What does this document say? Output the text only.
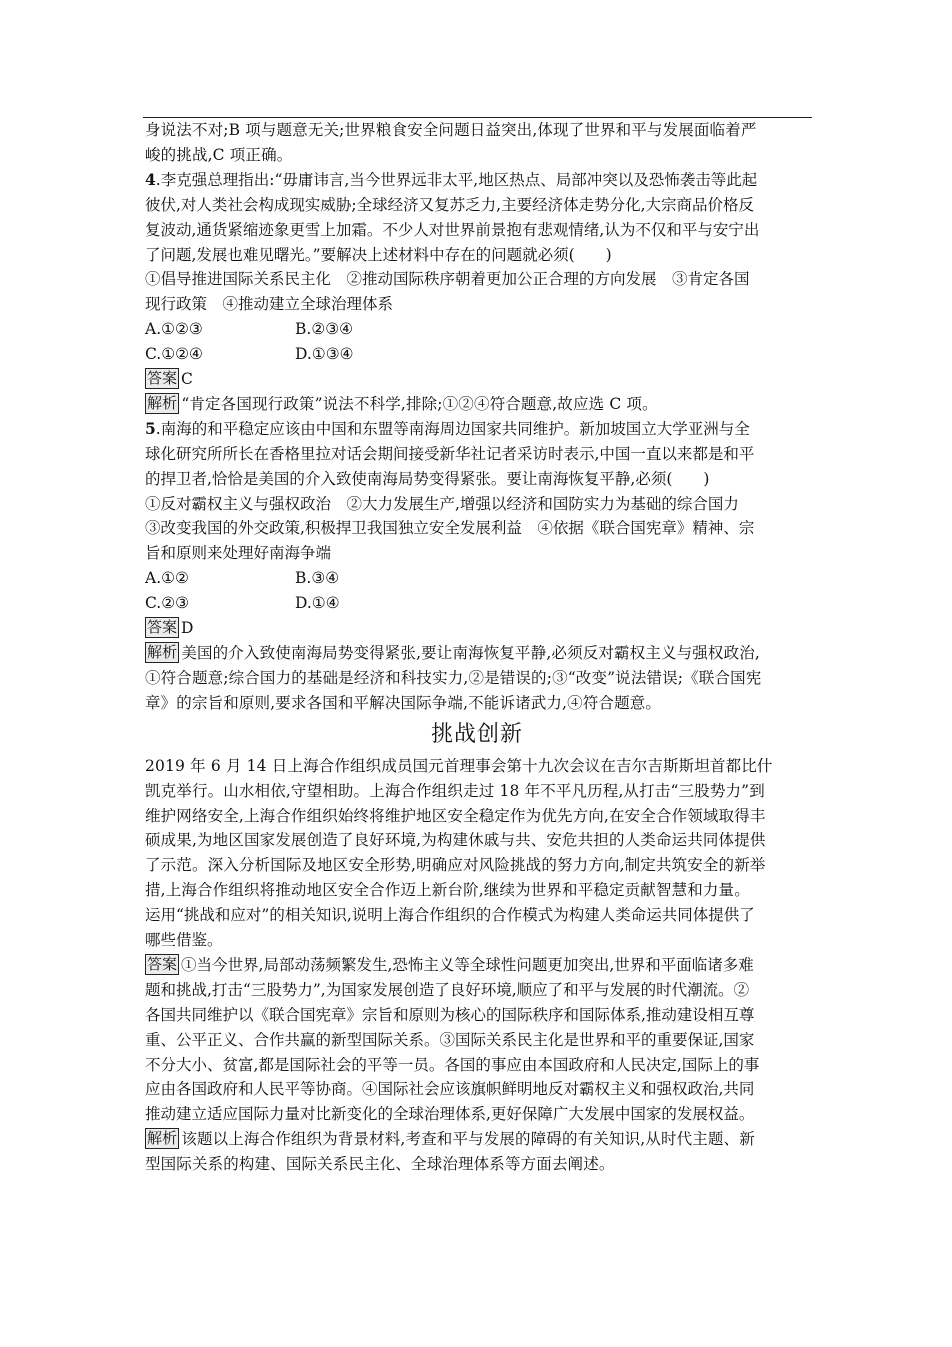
身说法不对;B 项与题意无关;世界粮食安全问题日益突出,体现了世界和平与发展面临着严
峻的挑战,C 项正确。
4.李克强总理指出:“毋庸讳言,当今世界远非太平,地区热点、局部冲突以及恐怖袭击等此起
彼伏,对人类社会构成现实威胁;全球经济又复苏乏力,主要经济体走势分化,大宗商品价格反
复波动,通货紧缩迹象更雪上加霜。不少人对世界前景抱有悲观情绪,认为不仅和平与安宁出
了问题,发展也难见曙光。”要解决上述材料中存在的问题就必须(　　)
①倡导推进国际关系民主化　②推动国际秩序朝着更加公正合理的方向发展　③肯定各国
现行政策　④推动建立全球治理体系
A.①②③	B.②③④
C.①②④	D.①③④
答案 C
解析 “肯定各国现行政策”说法不科学,排除;①②④符合题意,故应选 C 项。
5.南海的和平稳定应该由中国和东盟等南海周边国家共同维护。新加坡国立大学亚洲与全
球化研究所所长在香格里拉对话会期间接受新华社记者采访时表示,中国一直以来都是和平
的捍卫者,恰恰是美国的介入致使南海局势变得紧张。要让南海恢复平静,必须(　　)
①反对霸权主义与强权政治　②大力发展生产,增强以经济和国防实力为基础的综合国力
③改变我国的外交政策,积极捍卫我国独立安全发展利益　④依据《联合国宪章》精神、宗
旨和原则来处理好南海争端
A.①②	B.③④
C.②③	D.①④
答案 D
解析 美国的介入致使南海局势变得紧张,要让南海恢复平静,必须反对霸权主义与强权政治,
①符合题意;综合国力的基础是经济和科技实力,②是错误的;③“改变”说法错误;《联合国宪
章》的宗旨和原则,要求各国和平解决国际争端,不能诉诸武力,④符合题意。
挑战创新
2019 年 6 月 14 日上海合作组织成员国元首理事会第十九次会议在吉尔吉斯斯坦首都比什
凯克举行。山水相依,守望相助。上海合作组织走过 18 年不平凡历程,从打击“三股势力”到
维护网络安全,上海合作组织始终将维护地区安全稳定作为优先方向,在安全合作领域取得丰
硕成果,为地区国家发展创造了良好环境,为构建休戚与共、安危共担的人类命运共同体提供
了示范。深入分析国际及地区安全形势,明确应对风险挑战的努力方向,制定共筑安全的新举
措,上海合作组织将推动地区安全合作迈上新台阶,继续为世界和平稳定贡献智慧和力量。
运用“挑战和应对”的相关知识,说明上海合作组织的合作模式为构建人类命运共同体提供了
哪些借鉴。
答案 ①当今世界,局部动荡频繁发生,恐怖主义等全球性问题更加突出,世界和平面临诸多难
题和挑战,打击“三股势力”,为国家发展创造了良好环境,顺应了和平与发展的时代潮流。②
各国共同维护以《联合国宪章》宗旨和原则为核心的国际秩序和国际体系,推动建设相互尊
重、公平正义、合作共赢的新型国际关系。③国际关系民主化是世界和平的重要保证,国家
不分大小、贫富,都是国际社会的平等一员。各国的事应由本国政府和人民决定,国际上的事
应由各国政府和人民平等协商。④国际社会应该旗帜鲜明地反对霸权主义和强权政治,共同
推动建立适应国际力量对比新变化的全球治理体系,更好保障广大发展中国家的发展权益。
解析 该题以上海合作组织为背景材料,考查和平与发展的障碍的有关知识,从时代主题、新
型国际关系的构建、国际关系民主化、全球治理体系等方面去阐述。
